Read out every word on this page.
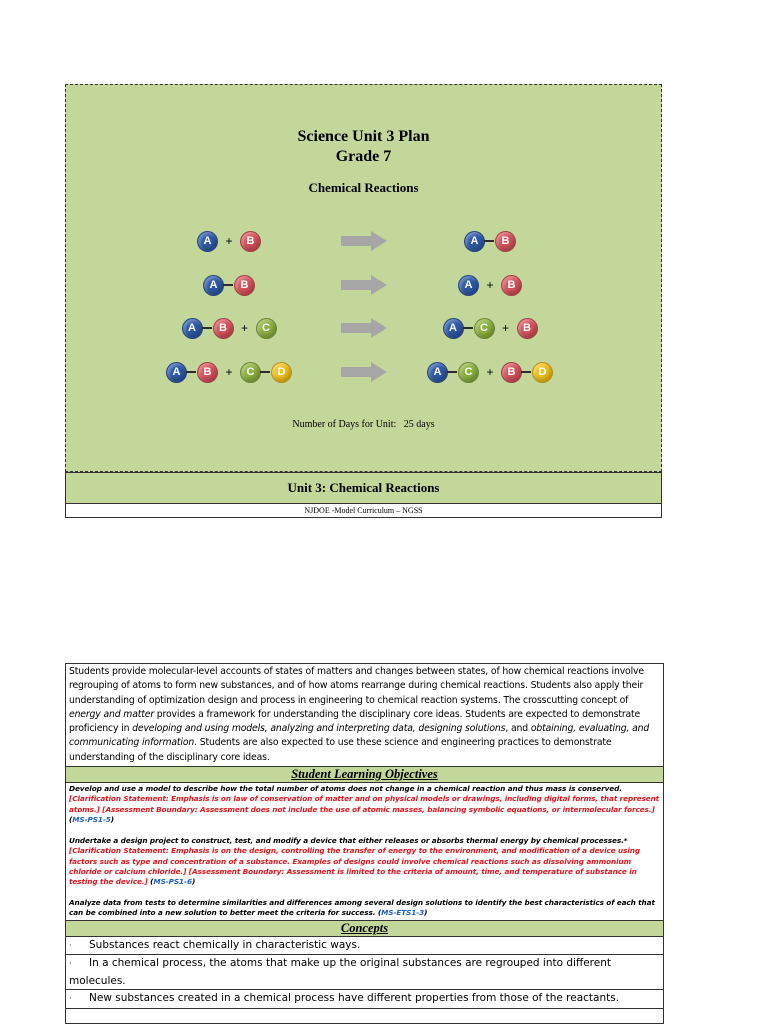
Science Unit 3 Plan
Grade 7
Chemical Reactions
A	+	B	A	B
A	B	A	+	B
A	B	+	C	A	C	+	B
A	B	+	C	D	A	C	+	B	D
Number of Days for Unit: 25 days
Unit 3: Chemical Reactions
NJDOE -Model Curriculum – NGSS
Students provide molecular-level accounts of states of matters and changes between states, of how chemical reactions involve regrouping of atoms to form new substances, and of how atoms rearrange during chemical reactions. Students also apply their understanding of optimization design and process in engineering to chemical reaction systems. The crosscutting concept of energy and matter provides a framework for understanding the disciplinary core ideas. Students are expected to demonstrate proficiency in developing and using models, analyzing and interpreting data, designing solutions, and obtaining, evaluating, and communicating information. Students are also expected to use these science and engineering practices to demonstrate understanding of the disciplinary core ideas.
Student Learning Objectives

Develop and use a model to describe how the total number of atoms does not change in a chemical reaction and thus mass is conserved.
[Clarification Statement: Emphasis is on law of conservation of matter and on physical models or drawings, including digital forms, that represent atoms.] [Assessment Boundary: Assessment does not include the use of atomic masses, balancing symbolic equations, or intermolecular forces.] (MS-PS1-5)

Undertake a design project to construct, test, and modify a device that either releases or absorbs thermal energy by chemical processes.*
[Clarification Statement: Emphasis is on the design, controlling the transfer of energy to the environment, and modification of a device using factors such as type and concentration of a substance. Examples of designs could involve chemical reactions such as dissolving ammonium chloride or calcium chloride.] [Assessment Boundary: Assessment is limited to the criteria of amount, time, and temperature of substance in testing the device.] (MS-PS1-6)

Analyze data from tests to determine similarities and differences among several design solutions to identify the best characteristics of each that can be combined into a new solution to better meet the criteria for success. (MS-ETS1-3)

Concepts
· Substances react chemically in characteristic ways.
· In a chemical process, the atoms that make up the original substances are regrouped into different molecules.
· New substances created in a chemical process have different properties from those of the reactants.
